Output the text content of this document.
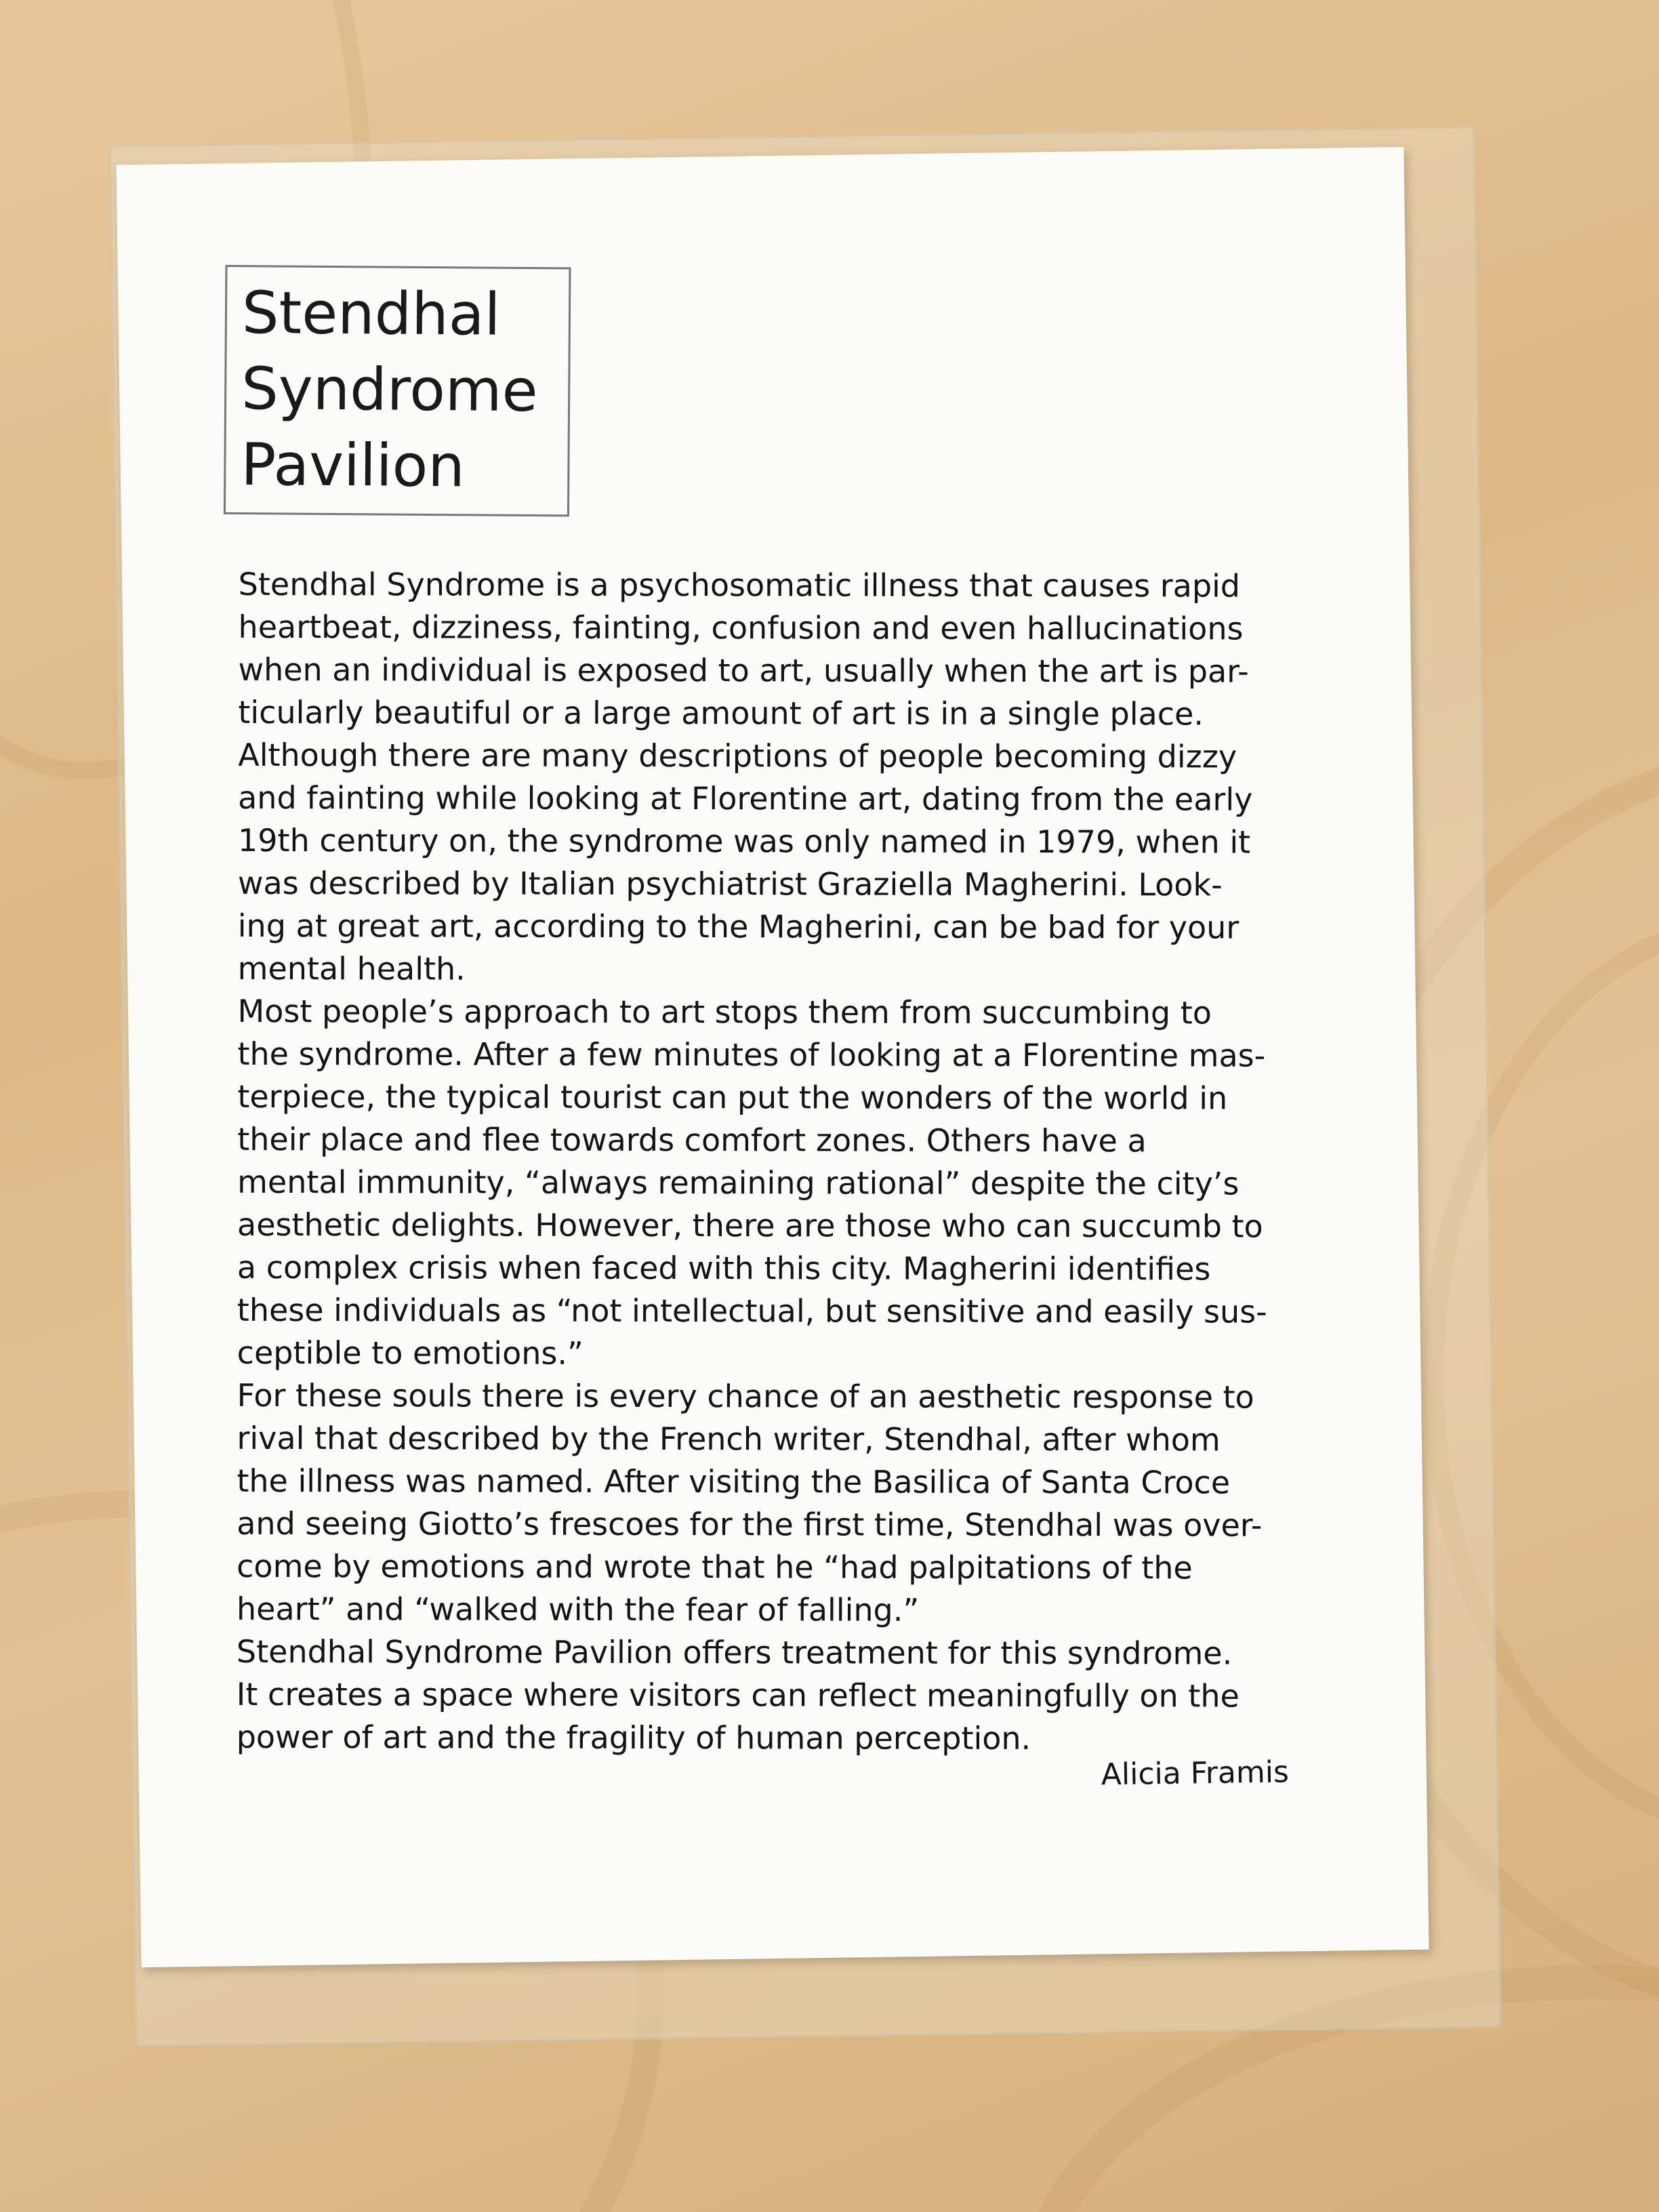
Stendhal
Syndrome
Pavilion
Stendhal Syndrome is a psychosomatic illness that causes rapid
heartbeat, dizziness, fainting, confusion and even hallucinations
when an individual is exposed to art, usually when the art is par-
ticularly beautiful or a large amount of art is in a single place.
Although there are many descriptions of people becoming dizzy
and fainting while looking at Florentine art, dating from the early
19th century on, the syndrome was only named in 1979, when it
was described by Italian psychiatrist Graziella Magherini. Look-
ing at great art, according to the Magherini, can be bad for your
mental health.
Most people’s approach to art stops them from succumbing to
the syndrome. After a few minutes of looking at a Florentine mas-
terpiece, the typical tourist can put the wonders of the world in
their place and flee towards comfort zones. Others have a
mental immunity, “always remaining rational” despite the city’s
aesthetic delights. However, there are those who can succumb to
a complex crisis when faced with this city. Magherini identifies
these individuals as “not intellectual, but sensitive and easily sus-
ceptible to emotions.”
For these souls there is every chance of an aesthetic response to
rival that described by the French writer, Stendhal, after whom
the illness was named. After visiting the Basilica of Santa Croce
and seeing Giotto’s frescoes for the first time, Stendhal was over-
come by emotions and wrote that he “had palpitations of the
heart” and “walked with the fear of falling.”
Stendhal Syndrome Pavilion offers treatment for this syndrome.
It creates a space where visitors can reflect meaningfully on the
power of art and the fragility of human perception.
Alicia Framis
